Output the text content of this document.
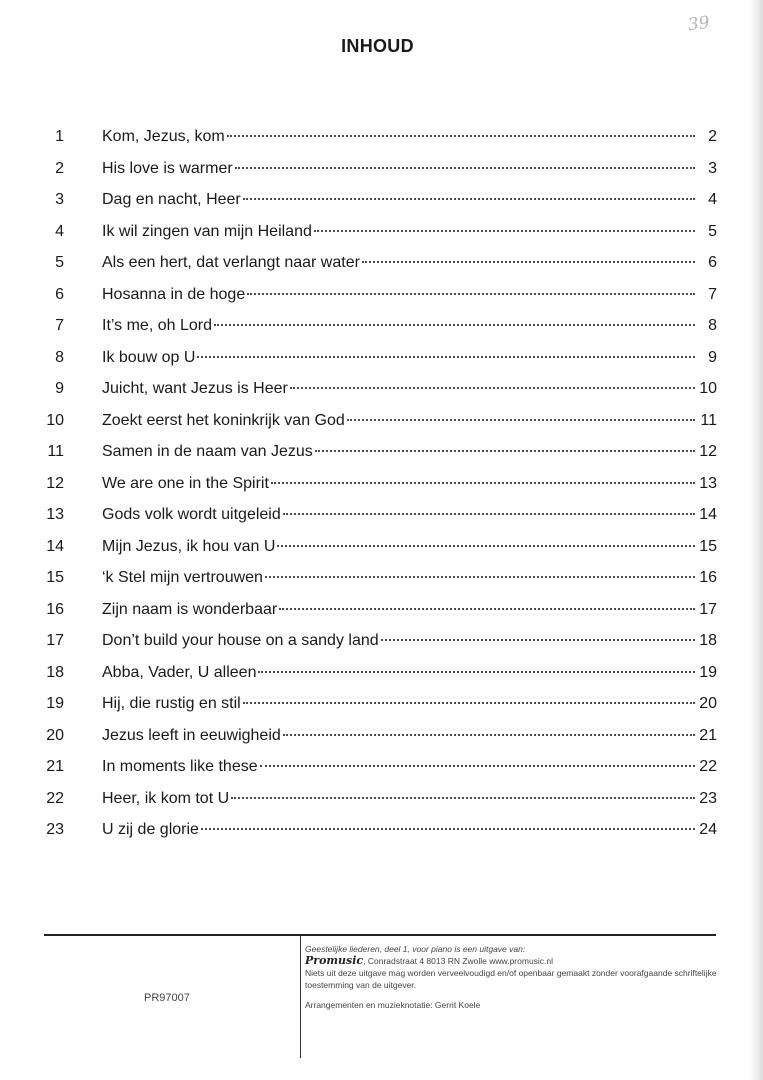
39
INHOUD
1 Kom, Jezus, kom	2
2 His love is warmer	3
3 Dag en nacht, Heer	4
4 Ik wil zingen van mijn Heiland	5
5 Als een hert, dat verlangt naar water	6
6 Hosanna in de hoge	7
7 It’s me, oh Lord	8
8 Ik bouw op U	9
9 Juicht, want Jezus is Heer	10
10 Zoekt eerst het koninkrijk van God	11
11 Samen in de naam van Jezus	12
12 We are one in the Spirit	13
13 Gods volk wordt uitgeleid	14
14 Mijn Jezus, ik hou van U	15
15 ‘k Stel mijn vertrouwen	16
16 Zijn naam is wonderbaar	17
17 Don’t build your house on a sandy land	18
18 Abba, Vader, U alleen	19
19 Hij, die rustig en stil	20
20 Jezus leeft in eeuwigheid	21
21 In moments like these	22
22 Heer, ik kom tot U	23
23 U zij de glorie	24
PR97007

Geestelijke liederen, deel 1, voor piano is een uitgave van:

Promusic, Conradstraat 4 8013 RN Zwolle www.promusic.nl

Niets uit deze uitgave mag worden verveelvoudigd en/of openbaar gemaakt zonder voorafgaande schriftelijke toestemming van de uitgever.

Arrangementen en muzieknotatie: Gerrit Koele
